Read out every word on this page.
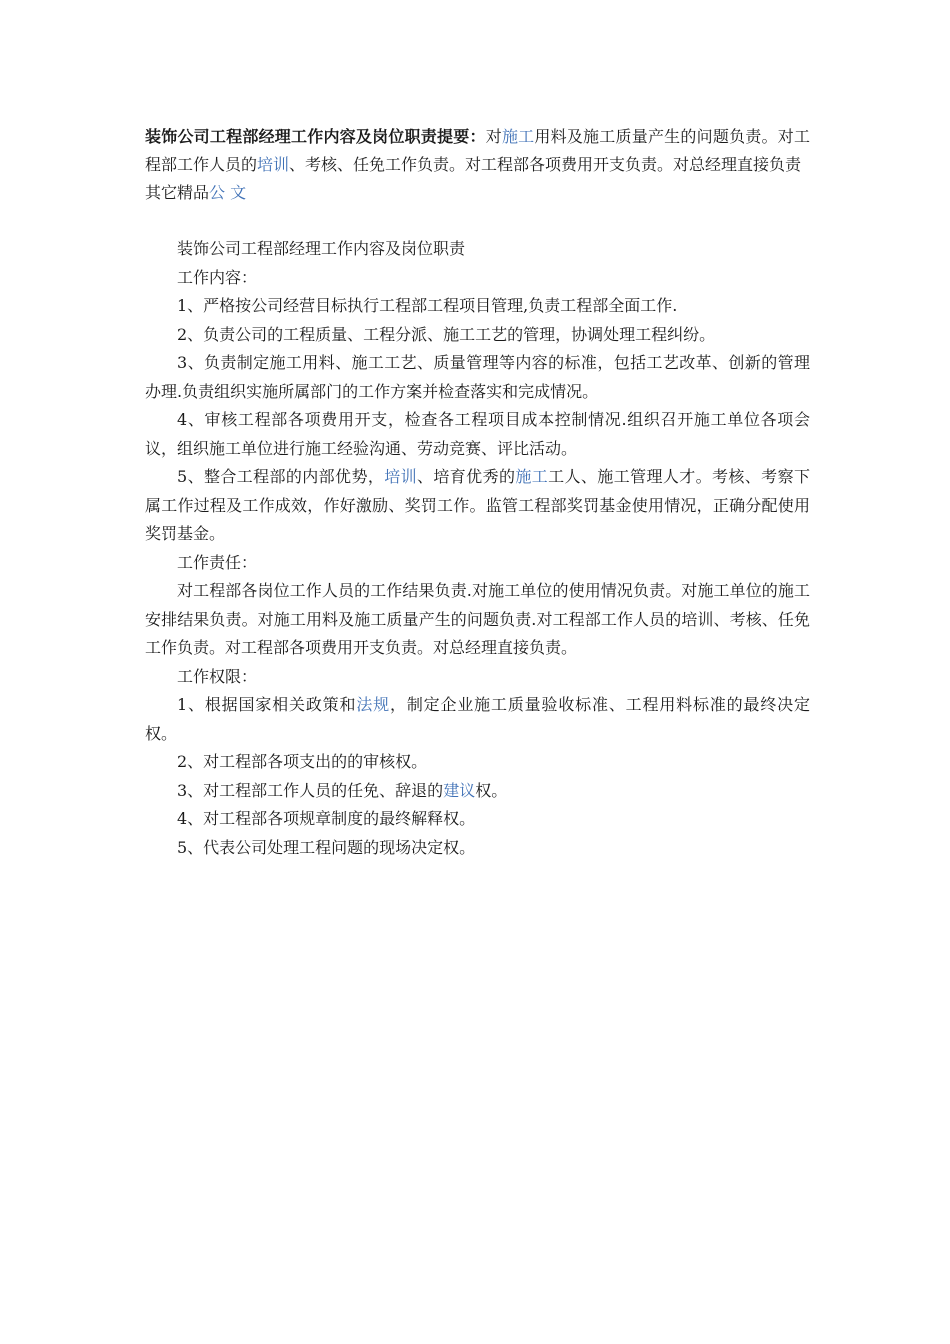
装饰公司工程部经理工作内容及岗位职责提要：对施工用料及施工质量产生的问题负责。对工程部工作人员的培训、考核、任免工作负责。对工程部各项费用开支负责。对总经理直接负责
其它精品公 文

装饰公司工程部经理工作内容及岗位职责

工作内容：

1、严格按公司经营目标执行工程部工程项目管理,负责工程部全面工作.

2、负责公司的工程质量、工程分派、施工工艺的管理，协调处理工程纠纷。

3、负责制定施工用料、施工工艺、质量管理等内容的标准，包括工艺改革、创新的管理办理.负责组织实施所属部门的工作方案并检查落实和完成情况。

4、审核工程部各项费用开支，检查各工程项目成本控制情况.组织召开施工单位各项会议，组织施工单位进行施工经验沟通、劳动竞赛、评比活动。

5、整合工程部的内部优势，培训、培育优秀的施工工人、施工管理人才。考核、考察下属工作过程及工作成效，作好激励、奖罚工作。监管工程部奖罚基金使用情况，正确分配使用奖罚基金。

工作责任：

对工程部各岗位工作人员的工作结果负责.对施工单位的使用情况负责。对施工单位的施工安排结果负责。对施工用料及施工质量产生的问题负责.对工程部工作人员的培训、考核、任免工作负责。对工程部各项费用开支负责。对总经理直接负责。

工作权限：

1、根据国家相关政策和法规，制定企业施工质量验收标准、工程用料标准的最终决定权。

2、对工程部各项支出的的审核权。

3、对工程部工作人员的任免、辞退的建议权。

4、对工程部各项规章制度的最终解释权。

5、代表公司处理工程问题的现场决定权。
